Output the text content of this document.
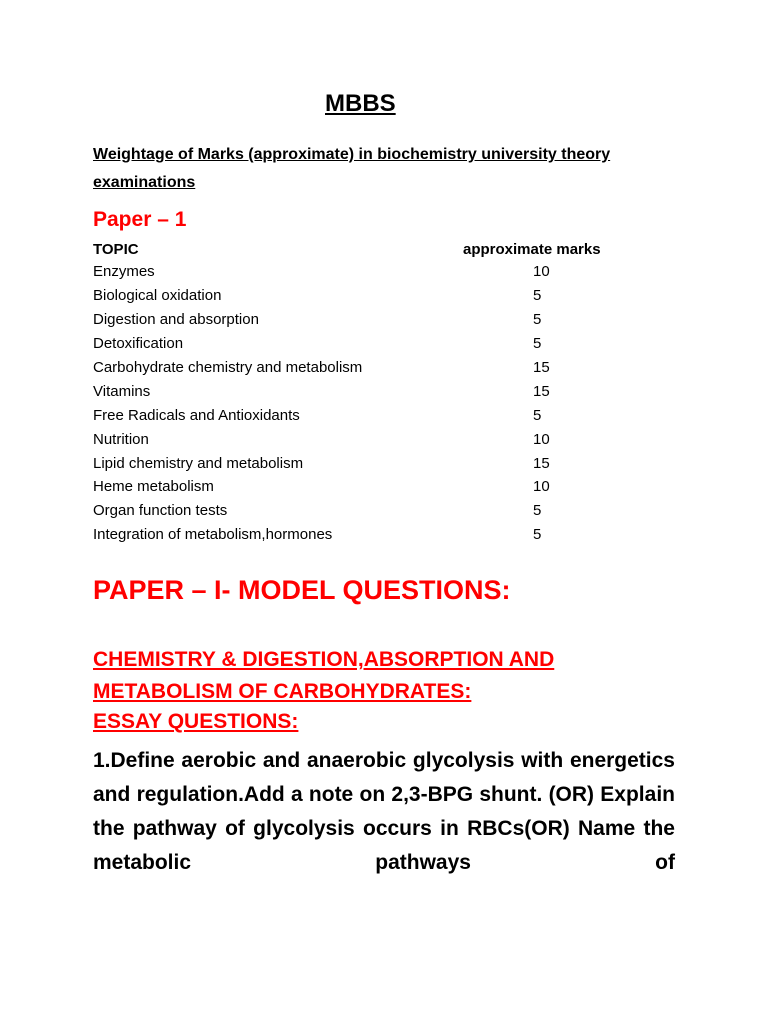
MBBS

Weightage of Marks (approximate) in biochemistry university theory examinations

Paper – 1
TOPIC	approximate marks
Enzymes	10
Biological oxidation	5
Digestion and absorption	5
Detoxification	5
Carbohydrate chemistry and metabolism	15
Vitamins	15
Free Radicals and Antioxidants	5
Nutrition	10
Lipid chemistry and metabolism	15
Heme metabolism	10
Organ function tests	5
Integration of metabolism,hormones	5
PAPER – I- MODEL QUESTIONS:
CHEMISTRY & DIGESTION,ABSORPTION AND METABOLISM OF CARBOHYDRATES:
ESSAY QUESTIONS:

1.Define aerobic and anaerobic glycolysis with energetics and regulation.Add a note on 2,3-BPG shunt. (OR) Explain the pathway of glycolysis occurs in RBCs(OR) Name the metabolic pathways of
